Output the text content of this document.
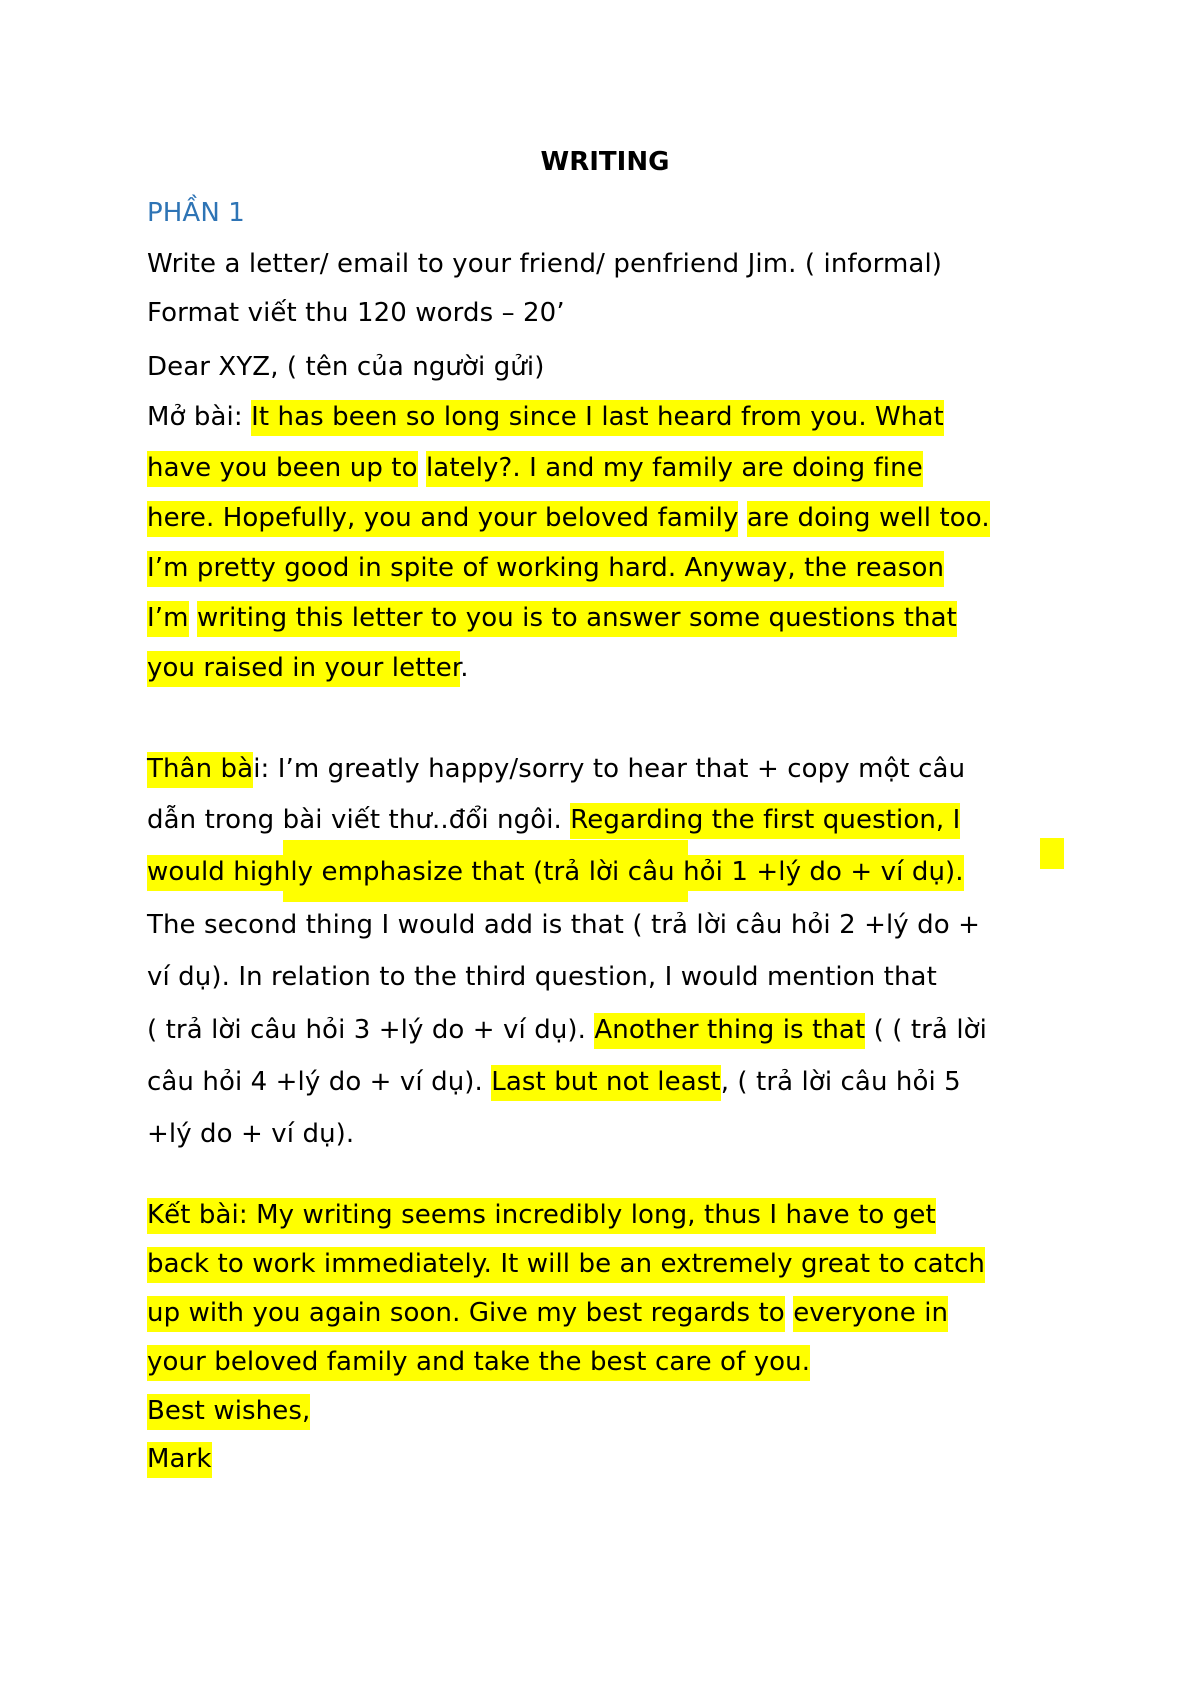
WRITING
PHẦN 1
Write a letter/ email to your friend/ penfriend Jim. ( informal)
Format viết thu 120 words – 20’
Dear XYZ, ( tên của người gửi)
Mở bài: It has been so long since I last heard from you. What
have you been up to lately?. I and my family are doing fine
here. Hopefully, you and your beloved family are doing well too.
I’m pretty good in spite of working hard. Anyway, the reason
I’m writing this letter to you is to answer some questions that
you raised in your letter.
Thân bài: I’m greatly happy/sorry to hear that + copy một câu
dẫn trong bài viết thư..đổi ngôi. Regarding the first question, I
would highly emphasize that (trả lời câu hỏi 1 +lý do + ví dụ).
The second thing I would add is that ( trả lời câu hỏi 2 +lý do +
ví dụ). In relation to the third question, I would mention that
( trả lời câu hỏi 3 +lý do + ví dụ). Another thing is that ( ( trả lời
câu hỏi 4 +lý do + ví dụ). Last but not least, ( trả lời câu hỏi 5
+lý do + ví dụ).
Kết bài: My writing seems incredibly long, thus I have to get
back to work immediately. It will be an extremely great to catch
up with you again soon. Give my best regards to everyone in
your beloved family and take the best care of you.
Best wishes,
Mark
